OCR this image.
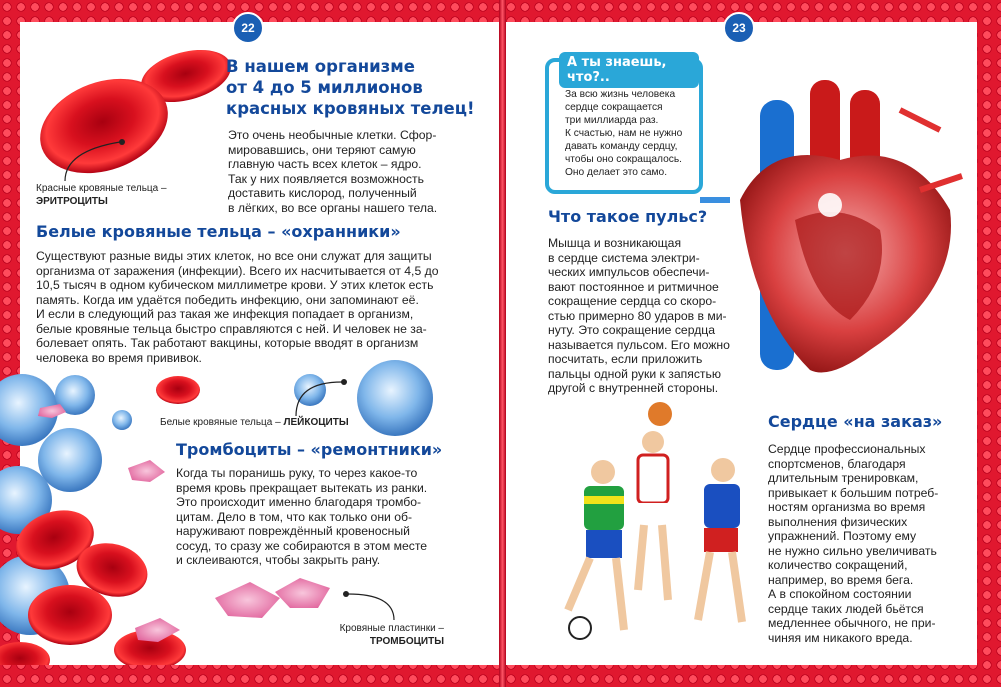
22	23
Красные кровяные тельца –
ЭРИТРОЦИТЫ
В нашем организме
от 4 до 5 миллионов
красных кровяных телец!
Это очень необычные клетки. Сфор-
мировавшись, они теряют самую
главную часть всех клеток – ядро.
Так у них появляется возможность
доставить кислород, полученный
в лёгких, во все органы нашего тела.
Белые кровяные тельца – «охранники»
Существуют разные виды этих клеток, но все они служат для защиты
организма от заражения (инфекции). Всего их насчитывается от 4,5 до
10,5 тысяч в одном кубическом миллиметре крови. У этих клеток есть
память. Когда им удаётся победить инфекцию, они запоминают её.
И если в следующий раз такая же инфекция попадает в организм,
белые кровяные тельца быстро справляются с ней. И человек не за-
болевает опять. Так работают вакцины, которые вводят в организм
человека во время прививок.
Белые кровяные тельца – ЛЕЙКОЦИТЫ
Тромбоциты – «ремонтники»
Когда ты поранишь руку, то через какое-то
время кровь прекращает вытекать из ранки.
Это происходит именно благодаря тромбо-
цитам. Дело в том, что как только они об-
наруживают повреждённый кровеносный
сосуд, то сразу же собираются в этом месте
и склеиваются, чтобы закрыть рану.
Кровяные пластинки –
ТРОМБОЦИТЫ
А ты знаешь, что?..
За всю жизнь человека
сердце сокращается
три миллиарда раз.
К счастью, нам не нужно
давать команду сердцу,
чтобы оно сокращалось.
Оно делает это само.
Что такое пульс?
Мышца и возникающая
в сердце система электри-
ческих импульсов обеспечи-
вают постоянное и ритмичное
сокращение сердца со скоро-
стью примерно 80 ударов в ми-
нуту. Это сокращение сердца
называется пульсом. Его можно
посчитать, если приложить
пальцы одной руки к запястью
другой с внутренней стороны.
Сердце «на заказ»
Сердце профессиональных
спортсменов, благодаря
длительным тренировкам,
привыкает к большим потреб-
ностям организма во время
выполнения физических
упражнений. Поэтому ему
не нужно сильно увеличивать
количество сокращений,
например, во время бега.
А в спокойном состоянии
сердце таких людей бьётся
медленнее обычного, не при-
чиняя им никакого вреда.
